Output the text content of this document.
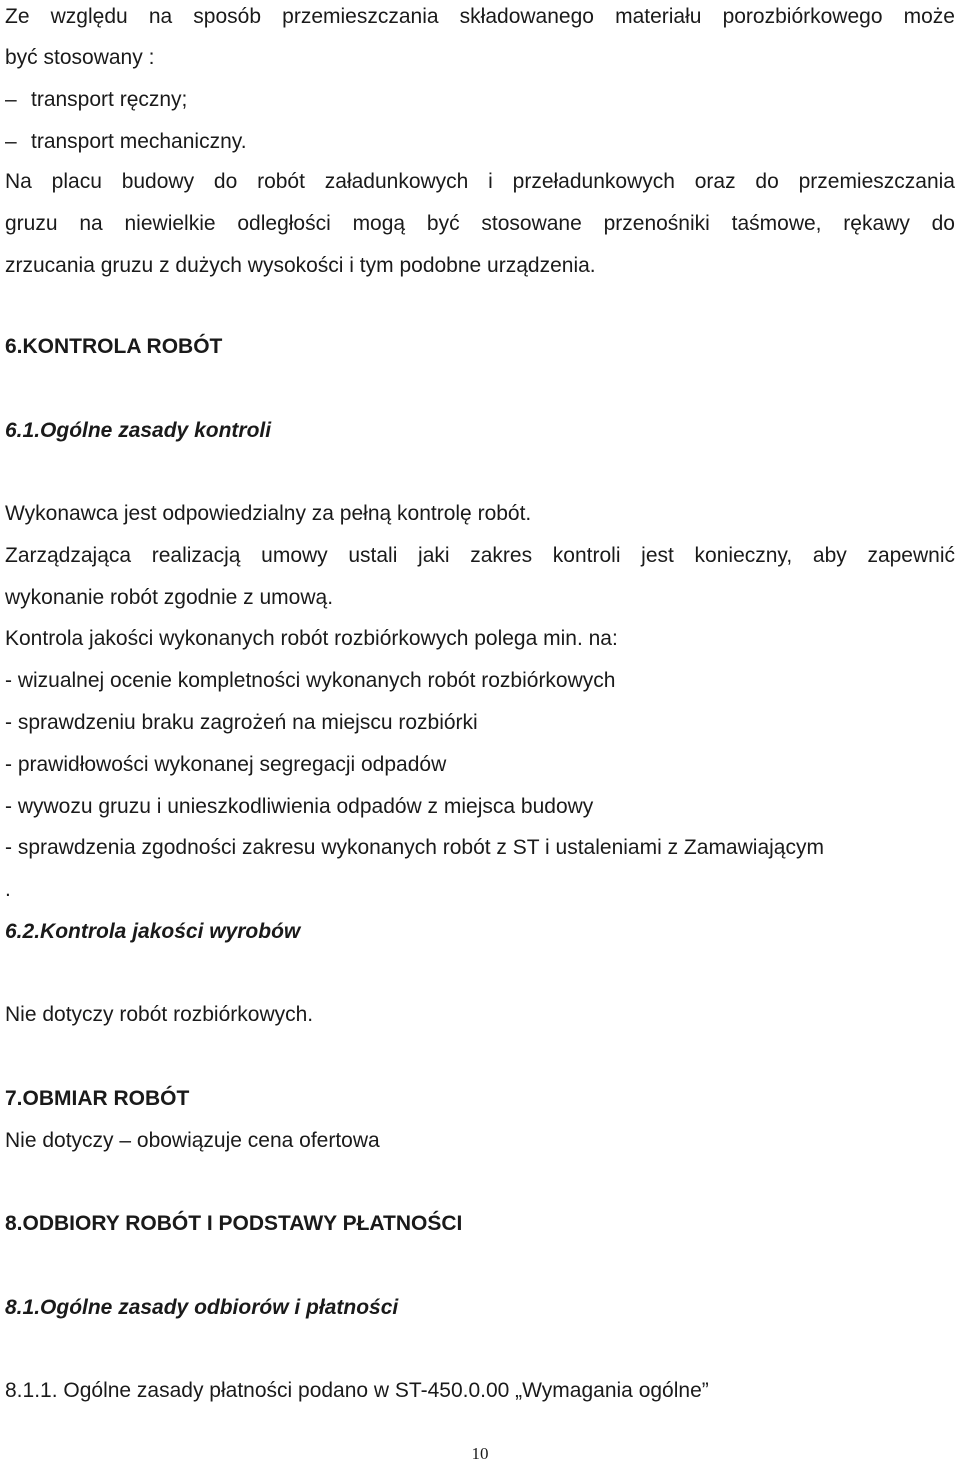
Ze względu na sposób przemieszczania składowanego materiału porozbiórkowego może
być stosowany :
– transport ręczny;
– transport mechaniczny.
Na placu budowy do robót załadunkowych i przeładunkowych oraz do przemieszczania
gruzu na niewielkie odległości mogą być stosowane przenośniki taśmowe, rękawy do
zrzucania gruzu z dużych wysokości i tym podobne urządzenia.
6.KONTROLA ROBÓT
6.1.Ogólne zasady kontroli
Wykonawca jest odpowiedzialny za pełną kontrolę robót.
Zarządzająca realizacją umowy ustali jaki zakres kontroli jest konieczny, aby zapewnić
wykonanie robót zgodnie z umową.
Kontrola jakości wykonanych robót rozbiórkowych polega min. na:
- wizualnej ocenie kompletności wykonanych robót rozbiórkowych
- sprawdzeniu braku zagrożeń na miejscu rozbiórki
- prawidłowości wykonanej segregacji odpadów
- wywozu gruzu i unieszkodliwienia odpadów z miejsca budowy
- sprawdzenia zgodności zakresu wykonanych robót z ST i ustaleniami z Zamawiającym
.
6.2.Kontrola jakości wyrobów
Nie dotyczy robót rozbiórkowych.
7.OBMIAR ROBÓT
Nie dotyczy – obowiązuje cena ofertowa
8.ODBIORY ROBÓT I PODSTAWY PŁATNOŚCI
8.1.Ogólne zasady odbiorów i płatności
8.1.1. Ogólne zasady płatności podano w ST-450.0.00 „Wymagania ogólne”
10
